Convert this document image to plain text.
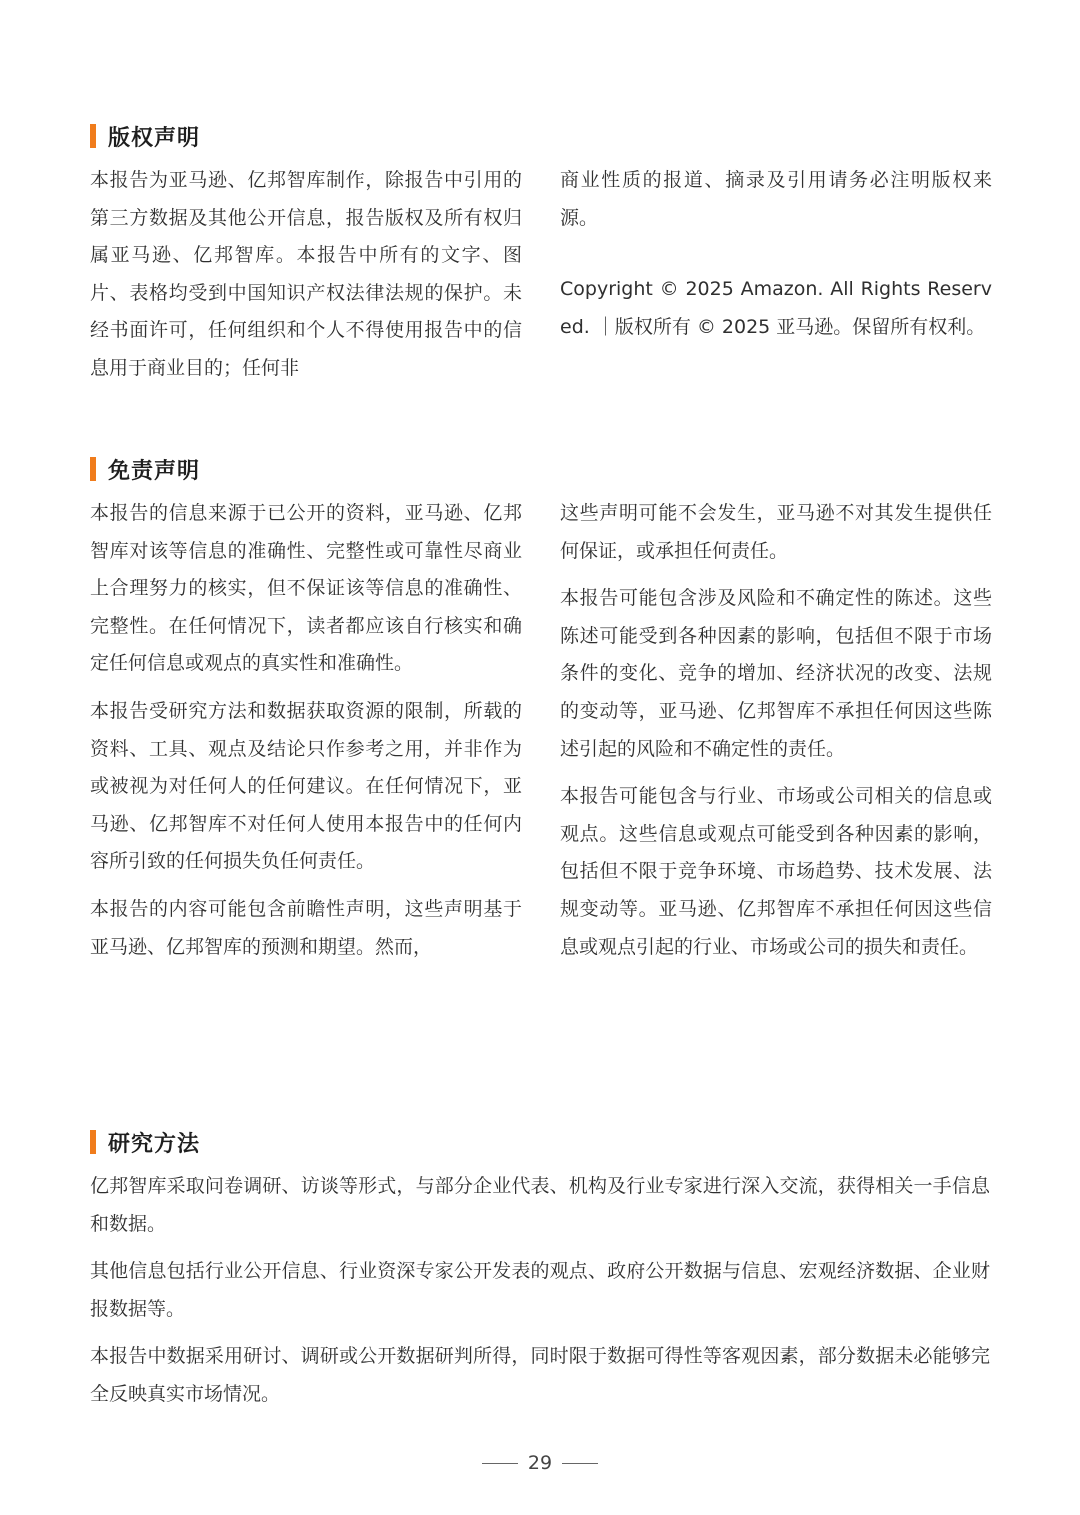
版权声明

本报告为亚马逊、亿邦智库制作，除报告中引用的第三方数据及其他公开信息，报告版权及所有权归属亚马逊、亿邦智库。本报告中所有的文字、图片、表格均受到中国知识产权法律法规的保护。未经书面许可，任何组织和个人不得使用报告中的信息用于商业目的；任何非

商业性质的报道、摘录及引用请务必注明版权来源。

Copyright © 2025 Amazon. All Rights Reserved. ｜版权所有 © 2025 亚马逊。保留所有权利。

免责声明

本报告的信息来源于已公开的资料，亚马逊、亿邦智库对该等信息的准确性、完整性或可靠性尽商业上合理努力的核实，但不保证该等信息的准确性、完整性。在任何情况下，读者都应该自行核实和确定任何信息或观点的真实性和准确性。

本报告受研究方法和数据获取资源的限制，所载的资料、工具、观点及结论只作参考之用，并非作为或被视为对任何人的任何建议。在任何情况下，亚马逊、亿邦智库不对任何人使用本报告中的任何内容所引致的任何损失负任何责任。

本报告的内容可能包含前瞻性声明，这些声明基于亚马逊、亿邦智库的预测和期望。然而，

这些声明可能不会发生，亚马逊不对其发生提供任何保证，或承担任何责任。

本报告可能包含涉及风险和不确定性的陈述。这些陈述可能受到各种因素的影响，包括但不限于市场条件的变化、竞争的增加、经济状况的改变、法规的变动等，亚马逊、亿邦智库不承担任何因这些陈述引起的风险和不确定性的责任。

本报告可能包含与行业、市场或公司相关的信息或观点。这些信息或观点可能受到各种因素的影响，包括但不限于竞争环境、市场趋势、技术发展、法规变动等。亚马逊、亿邦智库不承担任何因这些信息或观点引起的行业、市场或公司的损失和责任。

研究方法

亿邦智库采取问卷调研、访谈等形式，与部分企业代表、机构及行业专家进行深入交流，获得相关一手信息和数据。

其他信息包括行业公开信息、行业资深专家公开发表的观点、政府公开数据与信息、宏观经济数据、企业财报数据等。

本报告中数据采用研讨、调研或公开数据研判所得，同时限于数据可得性等客观因素，部分数据未必能够完全反映真实市场情况。

29
